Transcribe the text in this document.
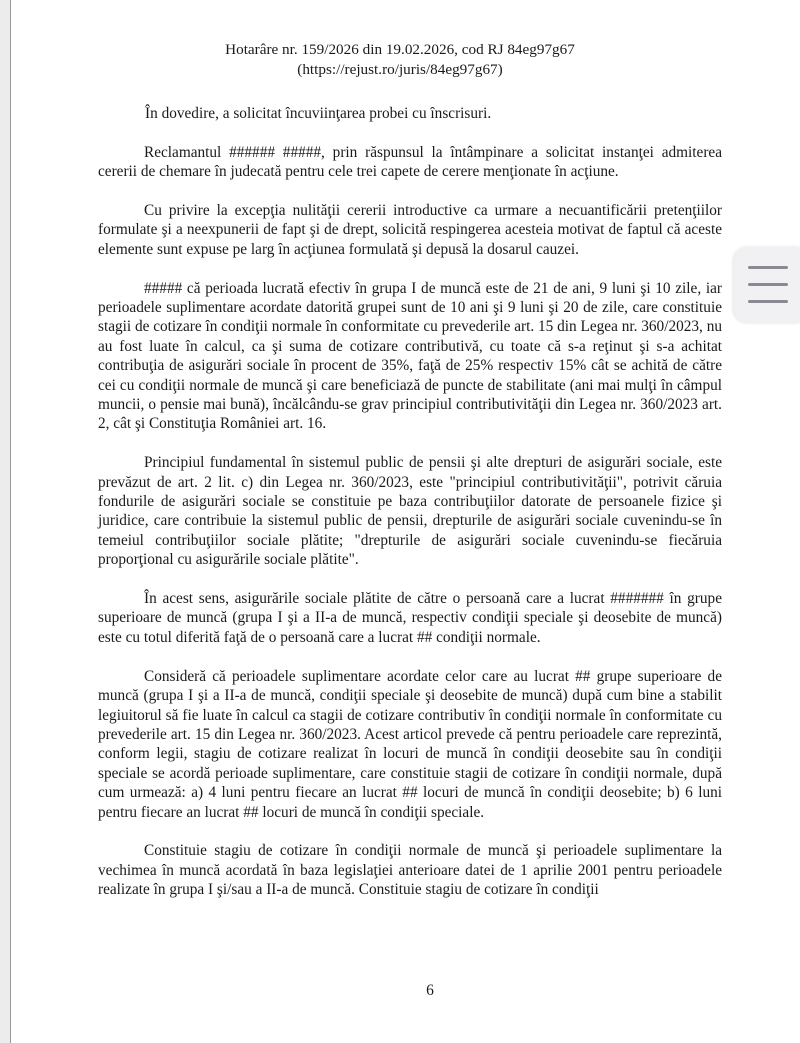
Hotarâre nr. 159/2026 din 19.02.2026, cod RJ 84eg97g67
(https://rejust.ro/juris/84eg97g67)

În dovedire, a solicitat încuviinţarea probei cu înscrisuri.

Reclamantul ###### #####, prin răspunsul la întâmpinare a solicitat instanţei admiterea cererii de chemare în judecată pentru cele trei capete de cerere menţionate în acţiune.

Cu privire la excepţia nulităţii cererii introductive ca urmare a necuantificării pretenţiilor formulate şi a neexpunerii de fapt şi de drept, solicită respingerea acesteia motivat de faptul că aceste elemente sunt expuse pe larg în acţiunea formulată şi depusă la dosarul cauzei.

##### că perioada lucrată efectiv în grupa I de muncă este de 21 de ani, 9 luni şi 10 zile, iar perioadele suplimentare acordate datorită grupei sunt de 10 ani şi 9 luni şi 20 de zile, care constituie stagii de cotizare în condiţii normale în conformitate cu prevederile art. 15 din Legea nr. 360/2023, nu au fost luate în calcul, ca şi suma de cotizare contributivă, cu toate că s-a reţinut şi s-a achitat contribuţia de asigurări sociale în procent de 35%, faţă de 25% respectiv 15% cât se achită de către cei cu condiţii normale de muncă şi care beneficiază de puncte de stabilitate (ani mai mulţi în câmpul muncii, o pensie mai bună), încălcându-se grav principiul contributivităţii din Legea nr. 360/2023 art. 2, cât şi Constituţia României art. 16.

Principiul fundamental în sistemul public de pensii şi alte drepturi de asigurări sociale, este prevăzut de art. 2 lit. c) din Legea nr. 360/2023, este "principiul contributivităţii", potrivit căruia fondurile de asigurări sociale se constituie pe baza contribuţiilor datorate de persoanele fizice şi juridice, care contribuie la sistemul public de pensii, drepturile de asigurări sociale cuvenindu-se în temeiul contribuţiilor sociale plătite; "drepturile de asigurări sociale cuvenindu-se fiecăruia proporţional cu asigurările sociale plătite".

În acest sens, asigurările sociale plătite de către o persoană care a lucrat ####### în grupe superioare de muncă (grupa I şi a II-a de muncă, respectiv condiţii speciale şi deosebite de muncă) este cu totul diferită faţă de o persoană care a lucrat ## condiţii normale.

Consideră că perioadele suplimentare acordate celor care au lucrat ## grupe superioare de muncă (grupa I şi a II-a de muncă, condiţii speciale şi deosebite de muncă) după cum bine a stabilit legiuitorul să fie luate în calcul ca stagii de cotizare contributiv în condiţii normale în conformitate cu prevederile art. 15 din Legea nr. 360/2023. Acest articol prevede că pentru perioadele care reprezintă, conform legii, stagiu de cotizare realizat în locuri de muncă în condiţii deosebite sau în condiţii speciale se acordă perioade suplimentare, care constituie stagii de cotizare în condiţii normale, după cum urmează: a) 4 luni pentru fiecare an lucrat ## locuri de muncă în condiţii deosebite; b) 6 luni pentru fiecare an lucrat ## locuri de muncă în condiţii speciale.

Constituie stagiu de cotizare în condiţii normale de muncă şi perioadele suplimentare la vechimea în muncă acordată în baza legislaţiei anterioare datei de 1 aprilie 2001 pentru perioadele realizate în grupa I şi/sau a II-a de muncă. Constituie stagiu de cotizare în condiţii

6
